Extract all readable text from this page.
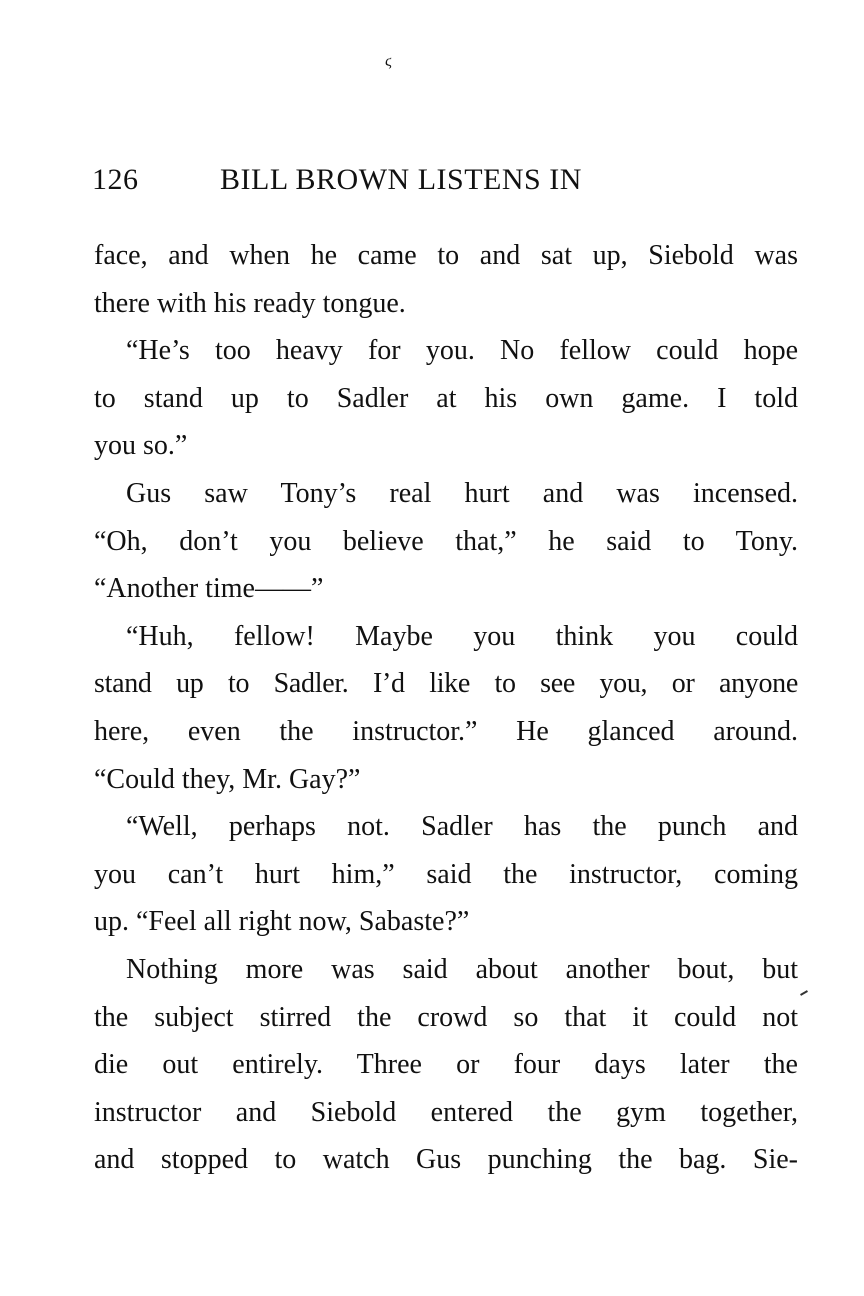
ϛ
126	BILL BROWN LISTENS IN
face, and when he came to and sat up, Siebold was
there with his ready tongue.
“He’s too heavy for you. No fellow could hope
to stand up to Sadler at his own game. I told
you so.”
Gus saw Tony’s real hurt and was incensed.
“Oh, don’t you believe that,” he said to Tony.
“Another time——”
“Huh, fellow! Maybe you think you could
stand up to Sadler. I’d like to see you, or anyone
here, even the instructor.” He glanced around.
“Could they, Mr. Gay?”
“Well, perhaps not. Sadler has the punch and
you can’t hurt him,” said the instructor, coming
up. “Feel all right now, Sabaste?”
Nothing more was said about another bout, but
the subject stirred the crowd so that it could not
die out entirely. Three or four days later the
instructor and Siebold entered the gym together,
and stopped to watch Gus punching the bag. Sie-
